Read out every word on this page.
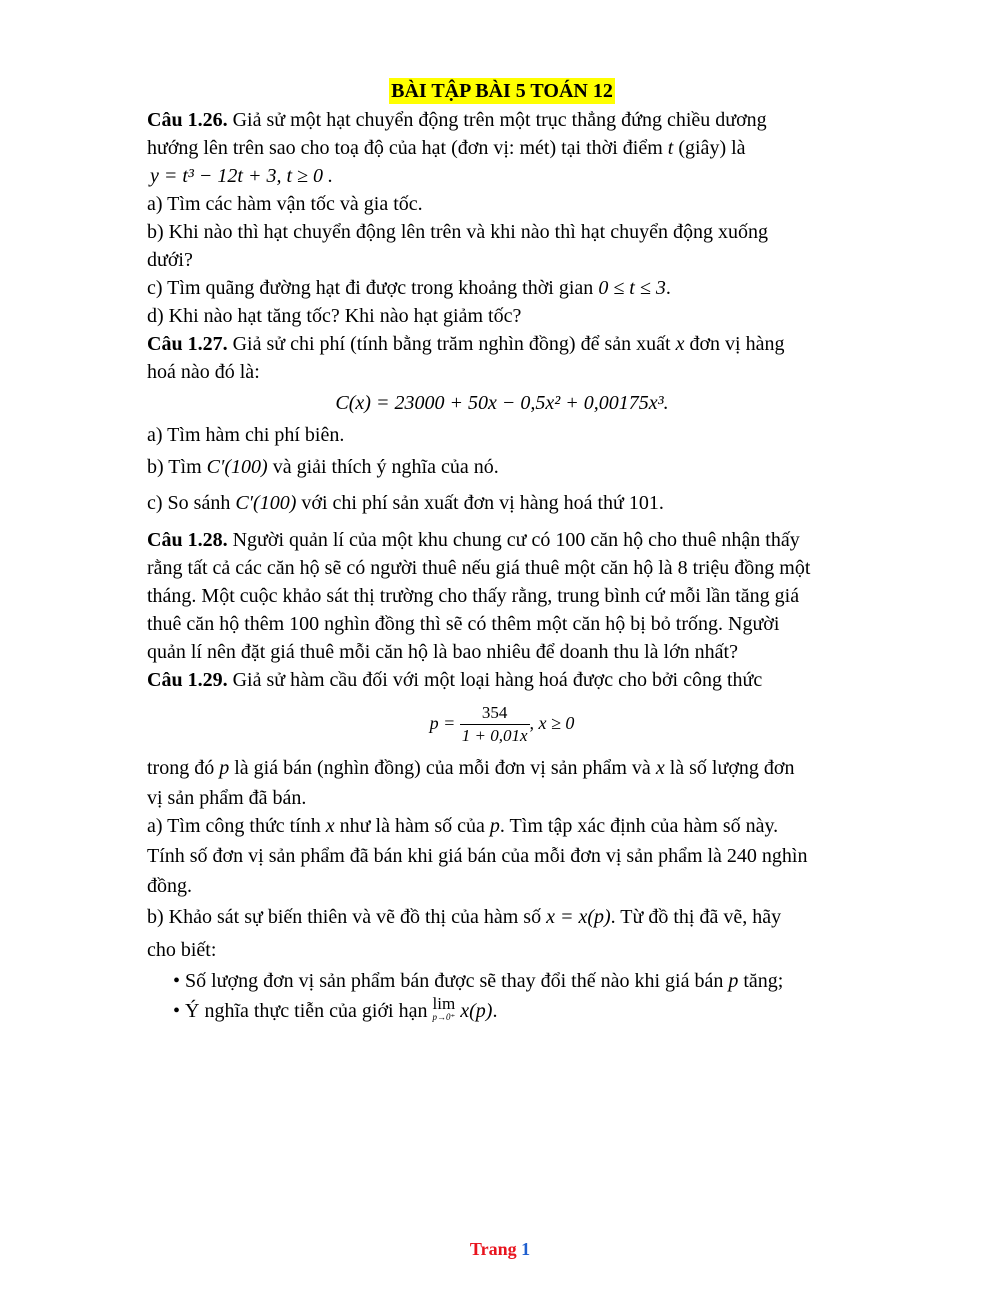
BÀI TẬP BÀI 5 TOÁN 12
Câu 1.26. Giả sử một hạt chuyển động trên một trục thẳng đứng chiều dương
hướng lên trên sao cho toạ độ của hạt (đơn vị: mét) tại thời điểm t (giây) là
y = t³ − 12t + 3, t ≥ 0 .
a) Tìm các hàm vận tốc và gia tốc.
b) Khi nào thì hạt chuyển động lên trên và khi nào thì hạt chuyển động xuống
dưới?
c) Tìm quãng đường hạt đi được trong khoảng thời gian 0 ≤ t ≤ 3.
d) Khi nào hạt tăng tốc? Khi nào hạt giảm tốc?
Câu 1.27. Giả sử chi phí (tính bằng trăm nghìn đồng) để sản xuất x đơn vị hàng
hoá nào đó là:
C(x) = 23000 + 50x − 0,5x² + 0,00175x³.
a) Tìm hàm chi phí biên.
b) Tìm C′(100) và giải thích ý nghĩa của nó.
c) So sánh C′(100) với chi phí sản xuất đơn vị hàng hoá thứ 101.
Câu 1.28. Người quản lí của một khu chung cư có 100 căn hộ cho thuê nhận thấy
rằng tất cả các căn hộ sẽ có người thuê nếu giá thuê một căn hộ là 8 triệu đồng một
tháng. Một cuộc khảo sát thị trường cho thấy rằng, trung bình cứ mỗi lần tăng giá
thuê căn hộ thêm 100 nghìn đồng thì sẽ có thêm một căn hộ bị bỏ trống. Người
quản lí nên đặt giá thuê mỗi căn hộ là bao nhiêu để doanh thu là lớn nhất?
Câu 1.29. Giả sử hàm cầu đối với một loại hàng hoá được cho bởi công thức
$p = \frac{354}{1 + 0,01x}$ , x ≥ 0
trong đó p là giá bán (nghìn đồng) của mỗi đơn vị sản phẩm và x là số lượng đơn
vị sản phẩm đã bán.
a) Tìm công thức tính x như là hàm số của p. Tìm tập xác định của hàm số này.
Tính số đơn vị sản phẩm đã bán khi giá bán của mỗi đơn vị sản phẩm là 240 nghìn
đồng.
b) Khảo sát sự biến thiên và vẽ đồ thị của hàm số x = x(p). Từ đồ thị đã vẽ, hãy
cho biết:
• Số lượng đơn vị sản phẩm bán được sẽ thay đổi thế nào khi giá bán p tăng;
• Ý nghĩa thực tiễn của giới hạn lim
p→0⁺ x(p).
Trang 1
